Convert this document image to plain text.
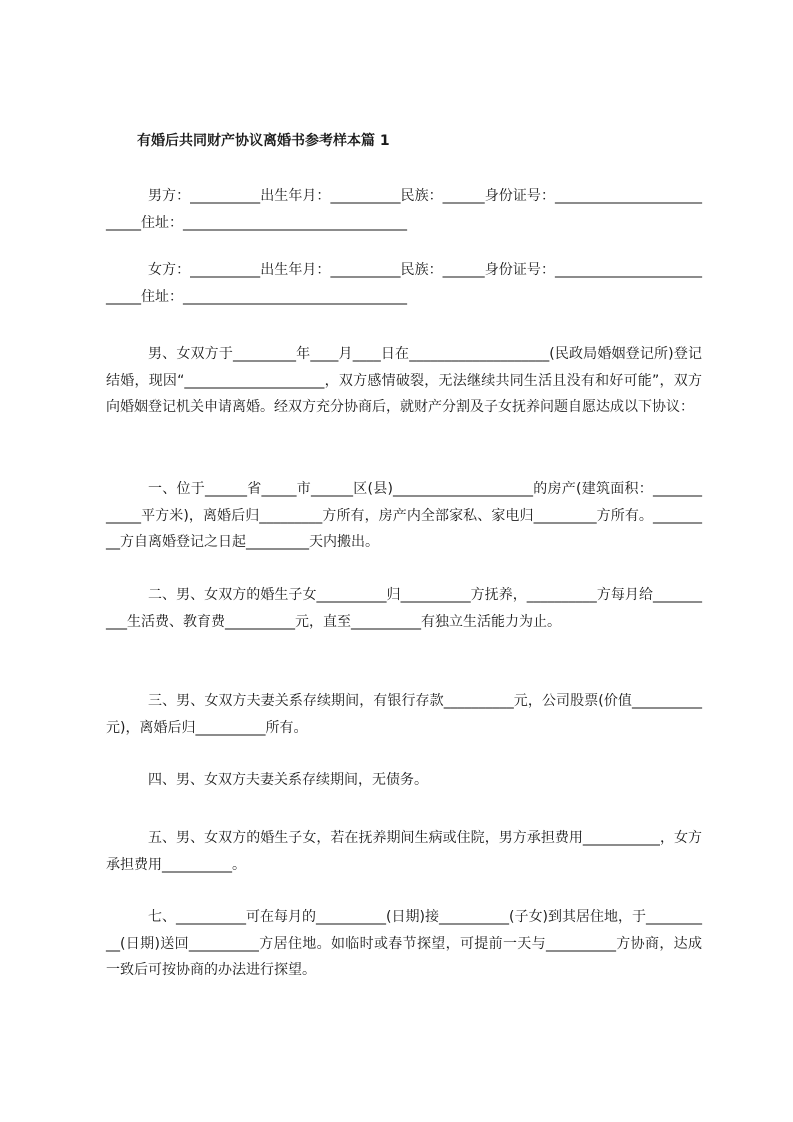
有婚后共同财产协议离婚书参考样本篇 1

男方：__________出生年月：__________民族：______身份证号：__________________________住址：________________________________

女方：__________出生年月：__________民族：______身份证号：__________________________住址：________________________________

男、女双方于_________年____月____日在____________________(民政局婚姻登记所)登记结婚，现因“____________________，双方感情破裂，无法继续共同生活且没有和好可能”，双方向婚姻登记机关申请离婚。经双方充分协商后，就财产分割及子女抚养问题自愿达成以下协议：

一、位于______省_____市______区(县)____________________的房产(建筑面积：____________平方米)，离婚后归_________方所有，房产内全部家私、家电归_________方所有。_________方自离婚登记之日起_________天内搬出。

二、男、女双方的婚生子女__________归__________方抚养，__________方每月给__________生活费、教育费__________元，直至__________有独立生活能力为止。

三、男、女双方夫妻关系存续期间，有银行存款__________元，公司股票(价值__________元)，离婚后归__________所有。

四、男、女双方夫妻关系存续期间，无债务。

五、男、女双方的婚生子女，若在抚养期间生病或住院，男方承担费用___________，女方承担费用__________。

七、__________可在每月的__________(日期)接__________(子女)到其居住地，于__________(日期)送回__________方居住地。如临时或春节探望，可提前一天与__________方协商，达成一致后可按协商的办法进行探望。
